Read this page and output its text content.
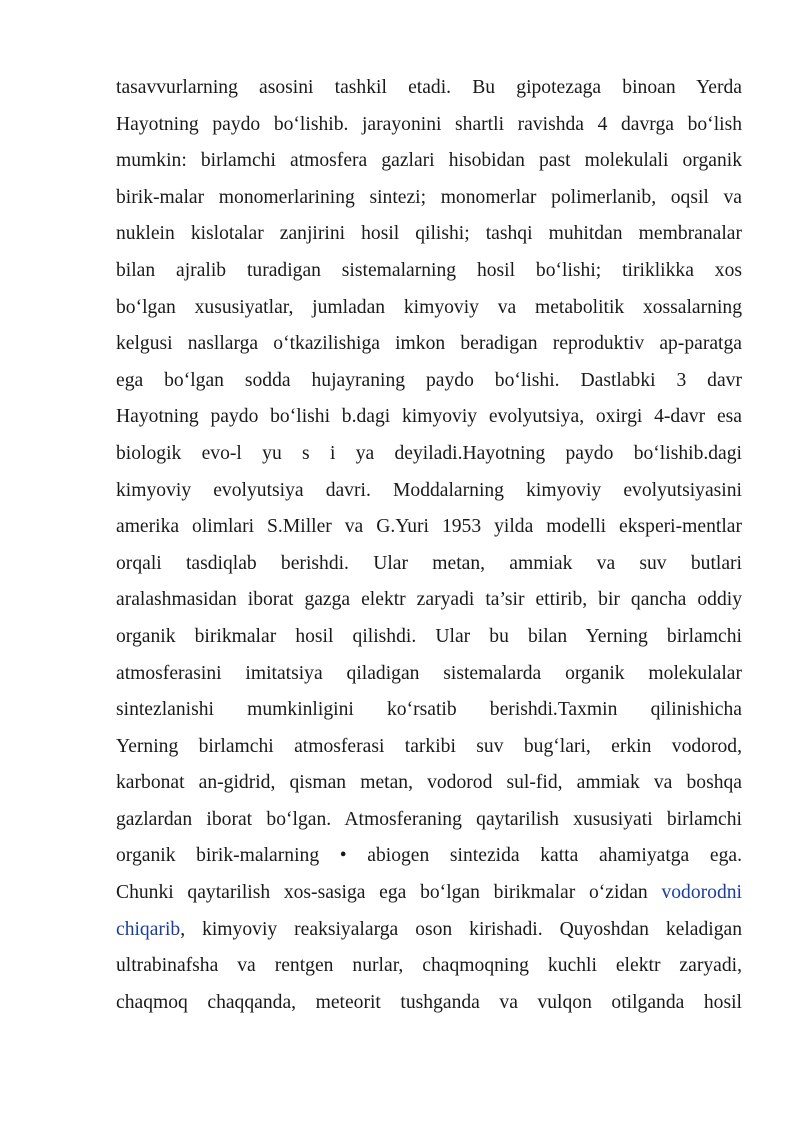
tasavvurlarning asosini tashkil etadi. Bu gipotezaga binoan Yerda
Hayotning paydo bo‘lishib. jarayonini shartli ravishda 4 davrga bo‘lish
mumkin: birlamchi atmosfera gazlari hisobidan past molekulali organik
birik-malar monomerlarining sintezi; monomerlar polimerlanib, oqsil va
nuklein kislotalar zanjirini hosil qilishi; tashqi muhitdan membranalar
bilan ajralib turadigan sistemalarning hosil bo‘lishi; tiriklikka xos
bo‘lgan xususiyatlar, jumladan kimyoviy va metabolitik xossalarning
kelgusi nasllarga o‘tkazilishiga imkon beradigan reproduktiv ap-paratga
ega bo‘lgan sodda hujayraning paydo bo‘lishi. Dastlabki 3 davr
Hayotning paydo bo‘lishi b.dagi kimyoviy evolyutsiya, oxirgi 4-davr esa
biologik evo-l yu s i ya deyiladi.Hayotning paydo bo‘lishib.dagi
kimyoviy evolyutsiya davri. Moddalarning kimyoviy evolyutsiyasini
amerika olimlari S.Miller va G.Yuri 1953 yilda modelli eksperi-mentlar
orqali tasdiqlab berishdi. Ular metan, ammiak va suv butlari
aralashmasidan iborat gazga elektr zaryadi ta’sir ettirib, bir qancha oddiy
organik birikmalar hosil qilishdi. Ular bu bilan Yerning birlamchi
atmosferasini imitatsiya qiladigan sistemalarda organik molekulalar
sintezlanishi mumkinligini ko‘rsatib berishdi.Taxmin qilinishicha
Yerning birlamchi atmosferasi tarkibi suv bug‘lari, erkin vodorod,
karbonat an-gidrid, qisman metan, vodorod sul-fid, ammiak va boshqa
gazlardan iborat bo‘lgan. Atmosferaning qaytarilish xususiyati birlamchi
organik birik-malarning • abiogen sintezida katta ahamiyatga ega.
Chunki qaytarilish xos-sasiga ega bo‘lgan birikmalar o‘zidan vodorodni
chiqarib, kimyoviy reaksiyalarga oson kirishadi. Quyoshdan keladigan
ultrabinafsha va rentgen nurlar, chaqmoqning kuchli elektr zaryadi,
chaqmoq chaqqanda, meteorit tushganda va vulqon otilganda hosil
